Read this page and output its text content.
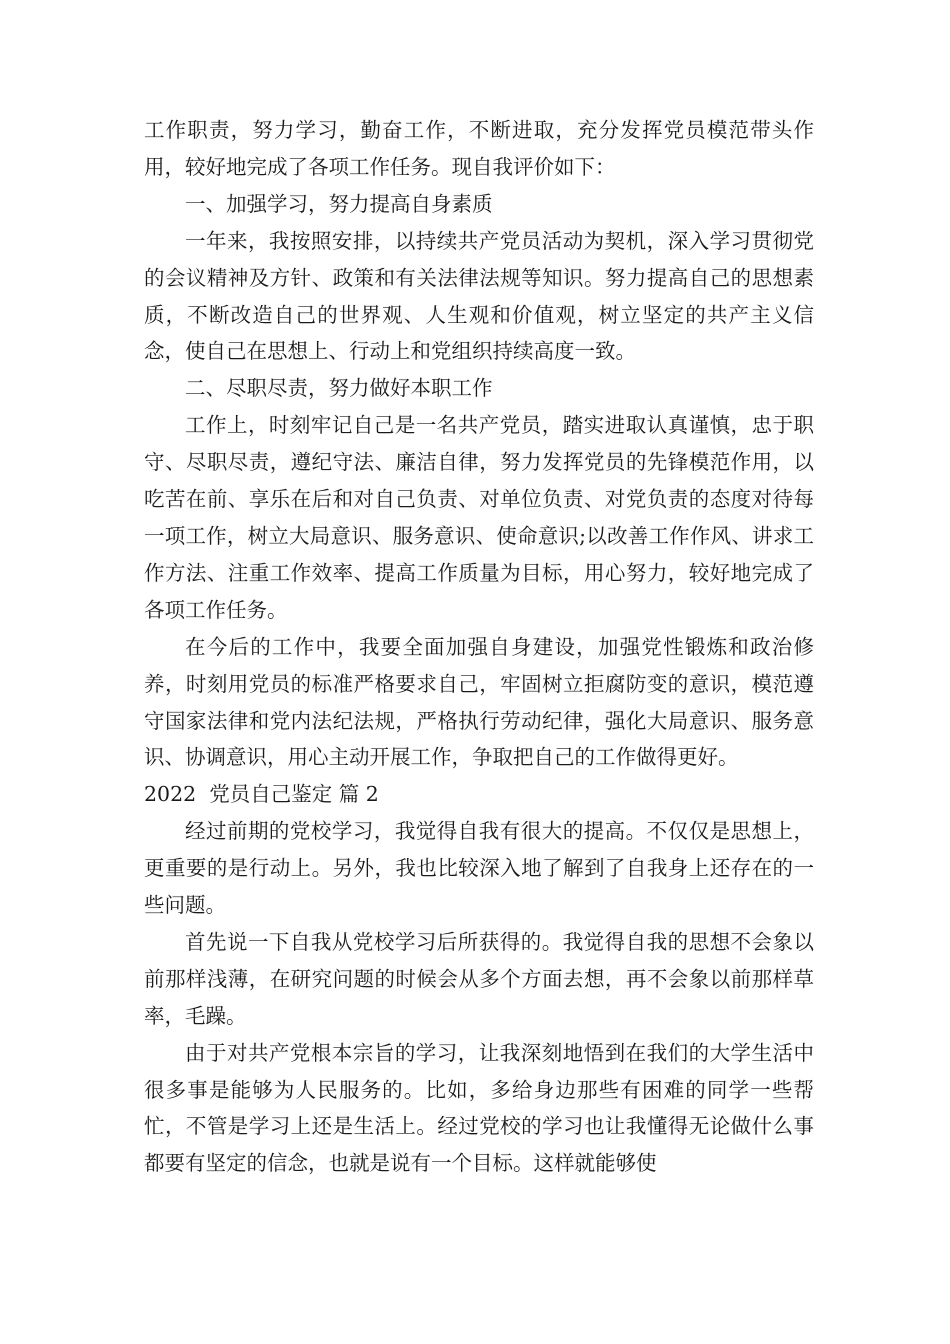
工作职责，努力学习，勤奋工作，不断进取，充分发挥党员模范带头作用，较好地完成了各项工作任务。现自我评价如下：

一、加强学习，努力提高自身素质

一年来，我按照安排，以持续共产党员活动为契机，深入学习贯彻党的会议精神及方针、政策和有关法律法规等知识。努力提高自己的思想素质，不断改造自己的世界观、人生观和价值观，树立坚定的共产主义信念，使自己在思想上、行动上和党组织持续高度一致。

二、尽职尽责，努力做好本职工作

工作上，时刻牢记自己是一名共产党员，踏实进取认真谨慎，忠于职守、尽职尽责，遵纪守法、廉洁自律，努力发挥党员的先锋模范作用，以吃苦在前、享乐在后和对自己负责、对单位负责、对党负责的态度对待每一项工作，树立大局意识、服务意识、使命意识;以改善工作作风、讲求工作方法、注重工作效率、提高工作质量为目标，用心努力，较好地完成了各项工作任务。

在今后的工作中，我要全面加强自身建设，加强党性锻炼和政治修养，时刻用党员的标准严格要求自己，牢固树立拒腐防变的意识，模范遵守国家法律和党内法纪法规，严格执行劳动纪律，强化大局意识、服务意识、协调意识，用心主动开展工作，争取把自己的工作做得更好。

2022  党员自己鉴定 篇 2

经过前期的党校学习，我觉得自我有很大的提高。不仅仅是思想上，更重要的是行动上。另外，我也比较深入地了解到了自我身上还存在的一些问题。

首先说一下自我从党校学习后所获得的。我觉得自我的思想不会象以前那样浅薄，在研究问题的时候会从多个方面去想，再不会象以前那样草率，毛躁。

由于对共产党根本宗旨的学习，让我深刻地悟到在我们的大学生活中很多事是能够为人民服务的。比如，多给身边那些有困难的同学一些帮忙，不管是学习上还是生活上。经过党校的学习也让我懂得无论做什么事都要有坚定的信念，也就是说有一个目标。这样就能够使
